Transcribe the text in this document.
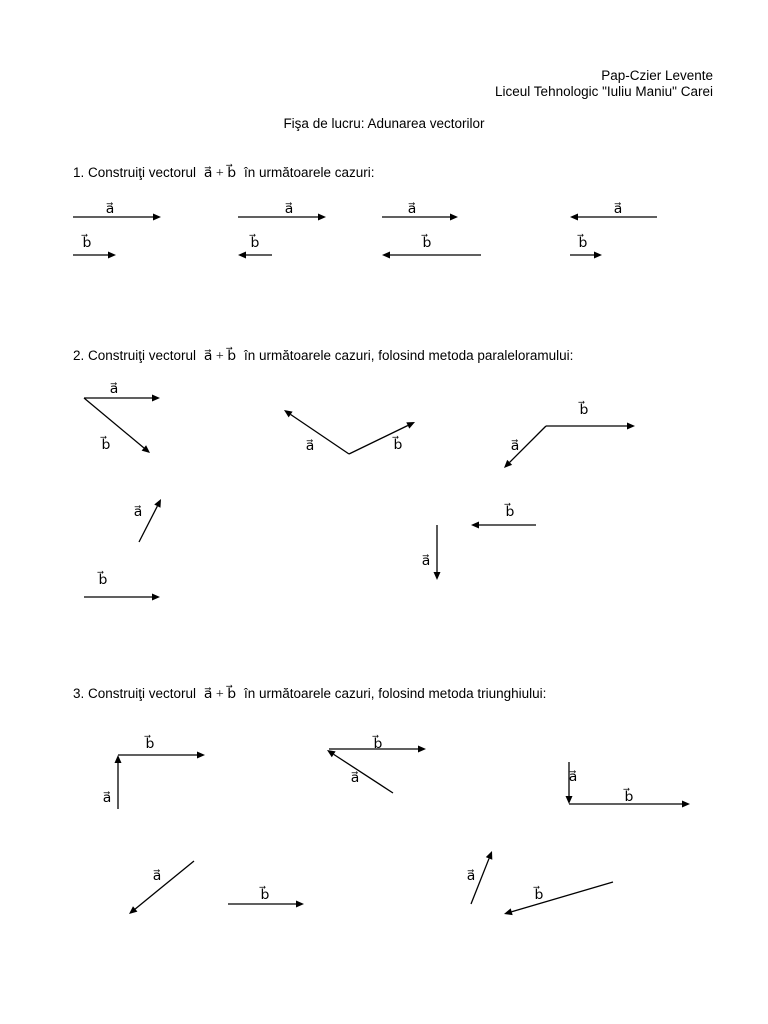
Pap-Czier Levente
Liceul Tehnologic "Iuliu Maniu" Carei
Fişa de lucru: Adunarea vectorilor
1. Construiţi vectorul a⃗ + b⃗ în următoarele cazuri:
2. Construiţi vectorul a⃗ + b⃗ în următoarele cazuri, folosind metoda paraleloramului:
3. Construiţi vectorul a⃗ + b⃗ în următoarele cazuri, folosind metoda triunghiului:
a⃗
b⃗
a⃗
b⃗
a⃗
b⃗
a⃗
b⃗
a⃗
b⃗	a⃗	b⃗
b⃗
a⃗
a⃗
b⃗
b⃗
a⃗
b⃗
a⃗
b⃗
a⃗	a⃗
b⃗
a⃗
b⃗
a⃗
b⃗
